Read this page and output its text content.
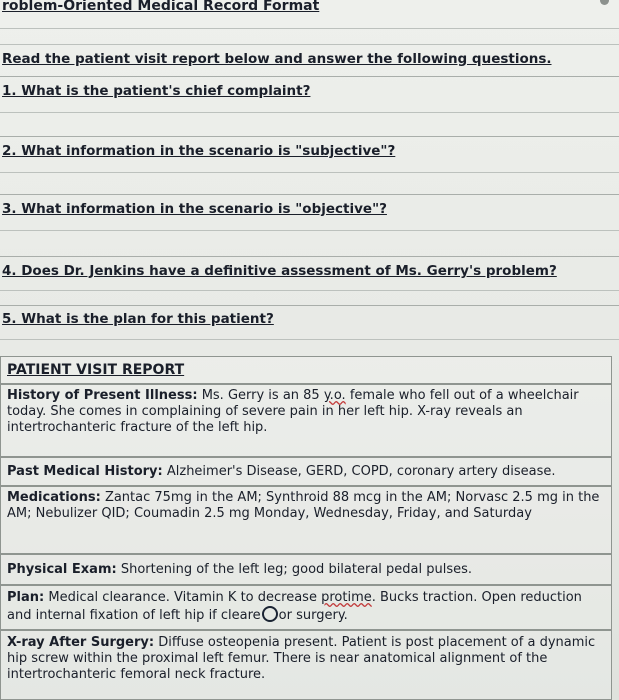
roblem-Oriented Medical Record Format
Read the patient visit report below and answer the following questions.
1. What is the patient's chief complaint?
2. What information in the scenario is "subjective"?
3. What information in the scenario is "objective"?
4. Does Dr. Jenkins have a definitive assessment of Ms. Gerry's problem?
5. What is the plan for this patient?
PATIENT VISIT REPORT
History of Present Illness: Ms. Gerry is an 85 y.o. female who fell out of a wheelchair today. She comes in complaining of severe pain in her left hip. X-ray reveals an intertrochanteric fracture of the left hip.
Past Medical History: Alzheimer's Disease, GERD, COPD, coronary artery disease.
Medications: Zantac 75mg in the AM; Synthroid 88 mcg in the AM; Norvasc 2.5 mg in the AM; Nebulizer QID; Coumadin 2.5 mg Monday, Wednesday, Friday, and Saturday
Physical Exam: Shortening of the left leg; good bilateral pedal pulses.
Plan: Medical clearance. Vitamin K to decrease protime. Bucks traction. Open reduction and internal fixation of left hip if cleare○or surgery.
X-ray After Surgery: Diffuse osteopenia present. Patient is post placement of a dynamic hip screw within the proximal left femur. There is near anatomical alignment of the intertrochanteric femoral neck fracture.
